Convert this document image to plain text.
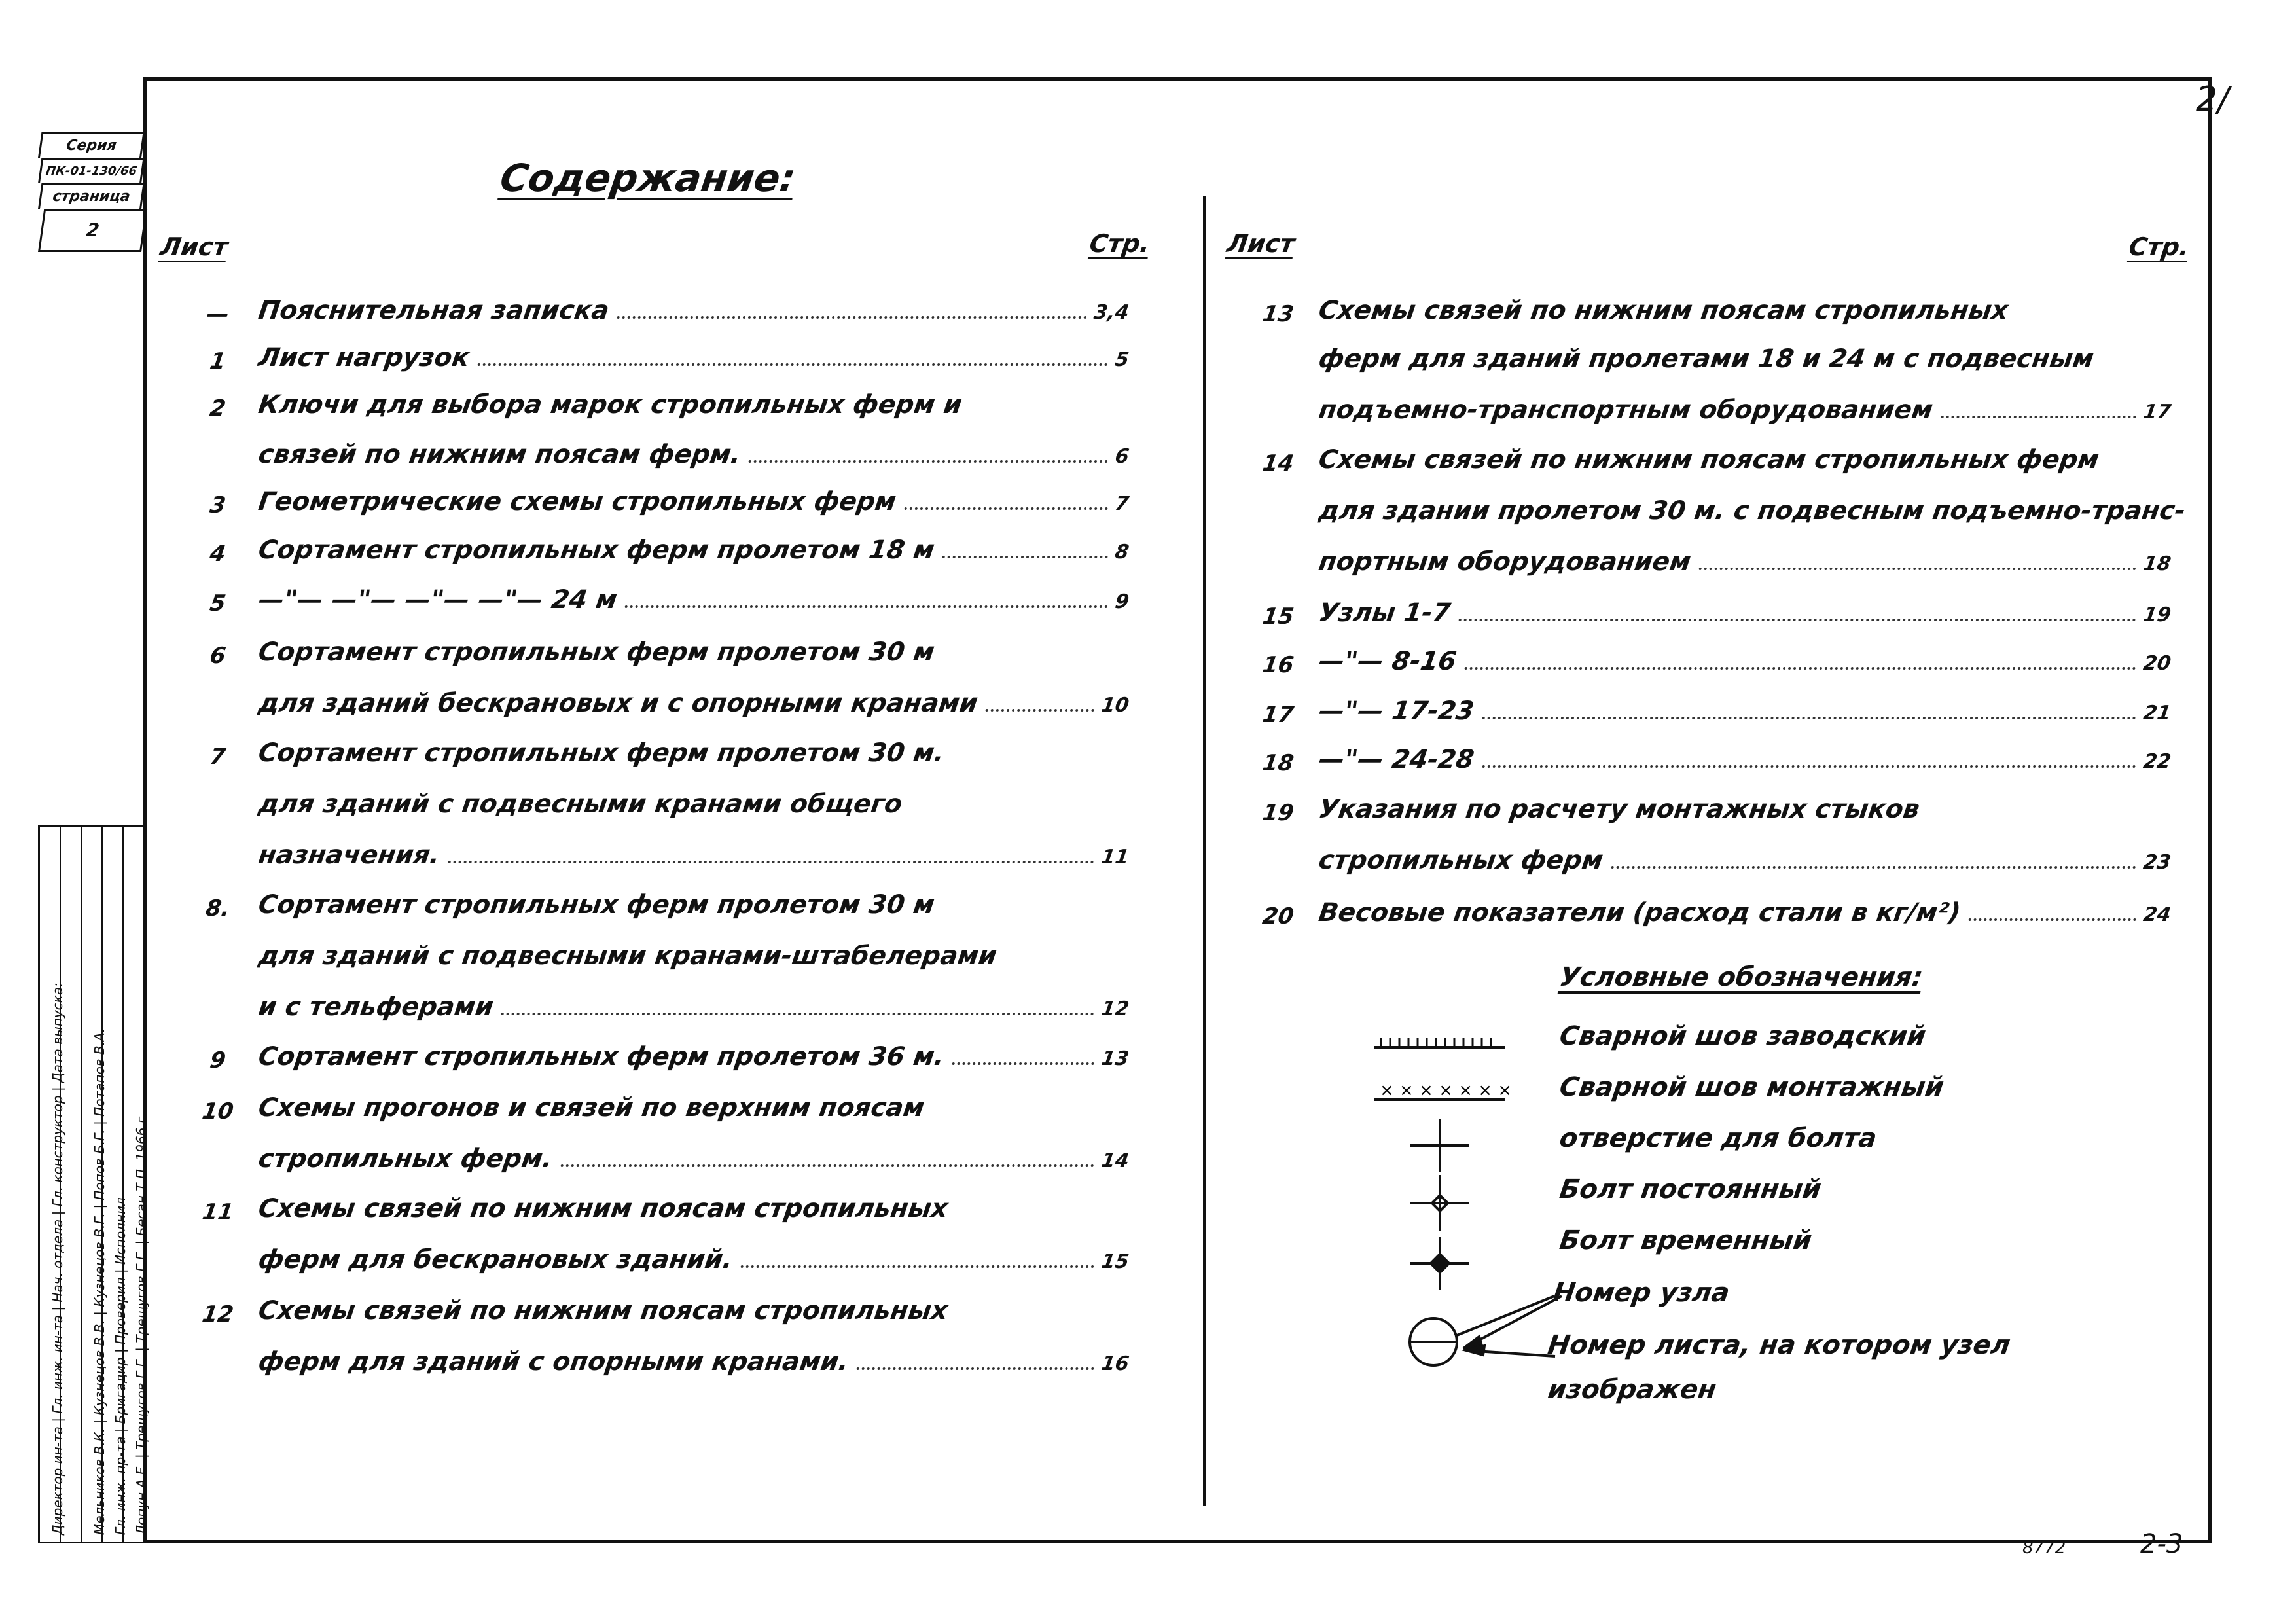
2/
Серия
ПК-01-130/66
страница
2
Директор ин-та | Гл. инж. ин-та | Нач. отдела | Гл. конструктор | Дата выпуска: Мельников В.К. | Кузнецов В.В. | Кузнецов В.Г. | Попов Б.Г. | Потапов В.А. Гл. инж. пр-та | Бригадир | Проверил | Исполнил Лопун А.Е. | Трещугов Г.Г. | Трещугов Г.Г. | Бесан Т.П. 1966 г.
Содержание:
Лист	Стр.	Лист	Стр.
—	Пояснительная записка	3,4
1	Лист нагрузок	5
2	Ключи для выбора марок стропильных ферм и
связей по нижним поясам ферм.	6
3	Геометрические схемы стропильных ферм	7
4	Сортамент стропильных ферм пролетом 18 м	8
5	—"— —"— —"— —"— 24 м	9
6	Сортамент стропильных ферм пролетом 30 м
для зданий бескрановых и с опорными кранами	10
7	Сортамент стропильных ферм пролетом 30 м.
для зданий с подвесными кранами общего
назначения.	11
8. Сортамент стропильных ферм пролетом 30 м
для зданий с подвесными кранами-штабелерами
и с тельферами	12
9	Сортамент стропильных ферм пролетом 36 м.	13
10 Схемы прогонов и связей по верхним поясам
стропильных ферм.	14
11 Схемы связей по нижним поясам стропильных
ферм для бескрановых зданий.	15
12 Схемы связей по нижним поясам стропильных
ферм для зданий с опорными кранами.	16
13 Схемы связей по нижним поясам стропильных
ферм для зданий пролетами 18 и 24 м с подвесным
подъемно-транспортным оборудованием	17
14 Схемы связей по нижним поясам стропильных ферм
для здании пролетом 30 м. с подвесным подъемно-транс-
портным оборудованием	18
15 Узлы 1-7	19
16 —"— 8-16	20
17 —"— 17-23	21
18 —"— 24-28	22
19 Указания по расчету монтажных стыков
стропильных ферм	23
20 Весовые показатели (расход стали в кг/м²)	24
Условные обозначения:
× × × × × × ×
Сварной шов заводский
Сварной шов монтажный
отверстие для болта
Болт постоянный
Болт временный
Номер узла
Номер листа, на котором узел
изображен
8772	2-3
